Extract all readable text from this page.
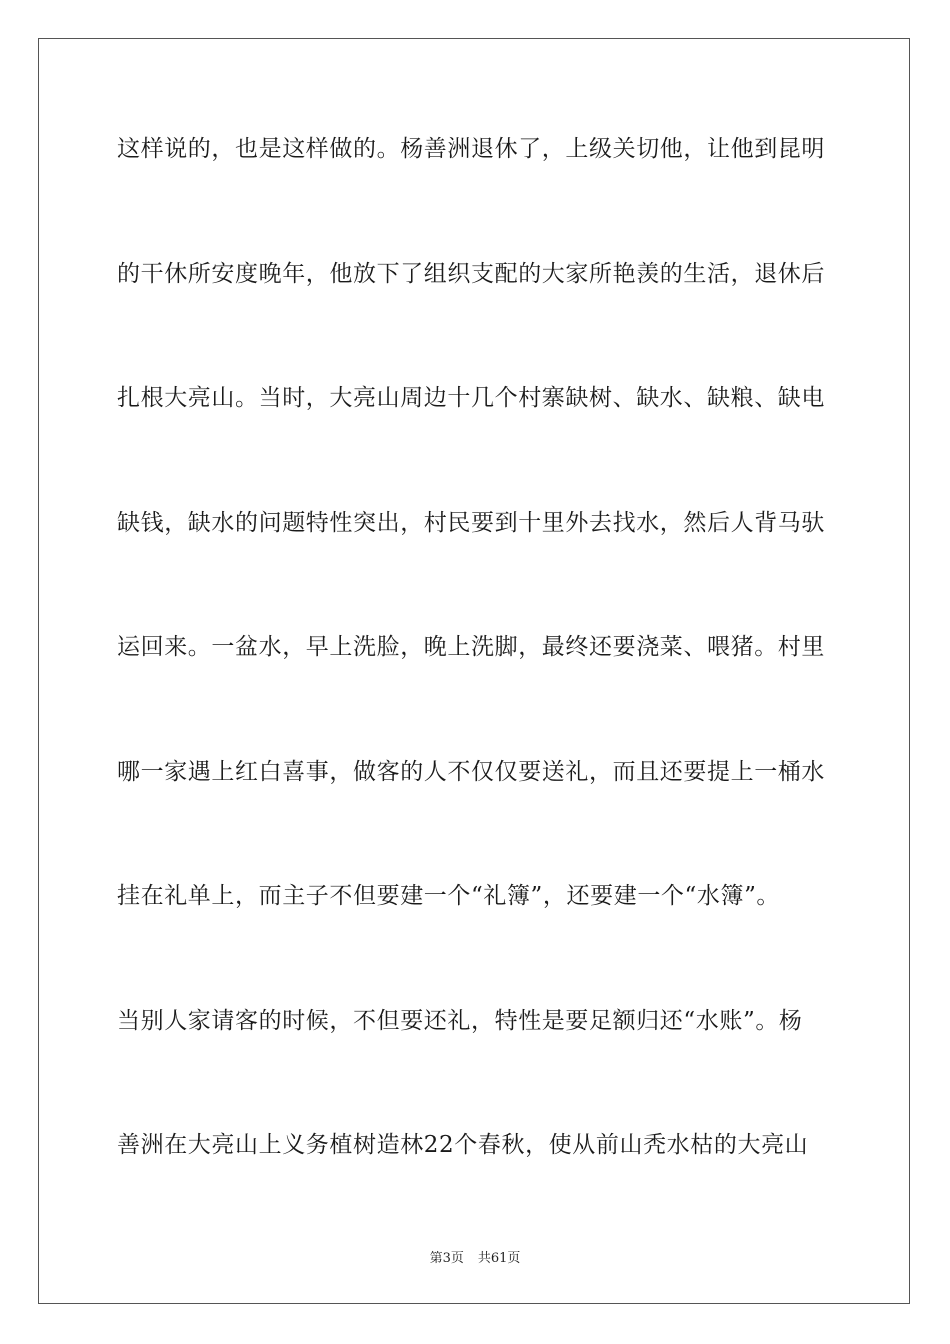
这样说的，也是这样做的。杨善洲退休了，上级关切他，让他到昆明
的干休所安度晚年，他放下了组织支配的大家所艳羡的生活，退休后
扎根大亮山。当时，大亮山周边十几个村寨缺树、缺水、缺粮、缺电
缺钱，缺水的问题特性突出，村民要到十里外去找水，然后人背马驮
运回来。一盆水，早上洗脸，晚上洗脚，最终还要浇菜、喂猪。村里
哪一家遇上红白喜事，做客的人不仅仅要送礼，而且还要提上一桶水
挂在礼单上，而主子不但要建一个“礼簿”，还要建一个“水簿”。
当别人家请客的时候，不但要还礼，特性是要足额归还“水账”。杨
善洲在大亮山上义务植树造林22个春秋，使从前山秃水枯的大亮山
第3页 共61页
